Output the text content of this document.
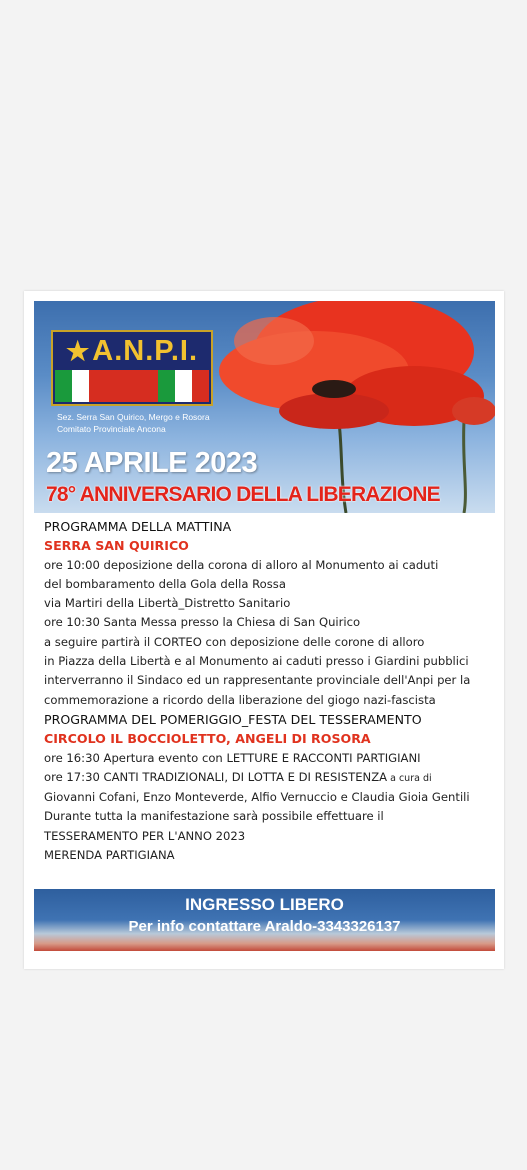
★A.N.P.I.
Sez. Serra San Quirico, Mergo e Rosora
Comitato Provinciale Ancona
25 APRILE 2023
78° ANNIVERSARIO DELLA LIBERAZIONE
PROGRAMMA DELLA MATTINA
SERRA SAN QUIRICO
ore 10:00 deposizione della corona di alloro al Monumento ai caduti
del bombaramento della Gola della Rossa
via Martiri della Libertà_Distretto Sanitario
ore 10:30 Santa Messa presso la Chiesa di San Quirico
a seguire partirà il CORTEO con deposizione delle corone di alloro
in Piazza della Libertà e al Monumento ai caduti presso i Giardini pubblici
interverranno il Sindaco ed un rappresentante provinciale dell'Anpi per la
commemorazione a ricordo della liberazione del giogo nazi-fascista
PROGRAMMA DEL POMERIGGIO_FESTA DEL TESSERAMENTO
CIRCOLO IL BOCCIOLETTO, ANGELI DI ROSORA
ore 16:30 Apertura evento con LETTURE E RACCONTI PARTIGIANI
ore 17:30 CANTI TRADIZIONALI, DI LOTTA E DI RESISTENZA a cura di
Giovanni Cofani, Enzo Monteverde, Alfio Vernuccio e Claudia Gioia Gentili
Durante tutta la manifestazione sarà possibile effettuare il
TESSERAMENTO PER L'ANNO 2023
MERENDA PARTIGIANA
INGRESSO LIBERO
Per info contattare Araldo-3343326137
